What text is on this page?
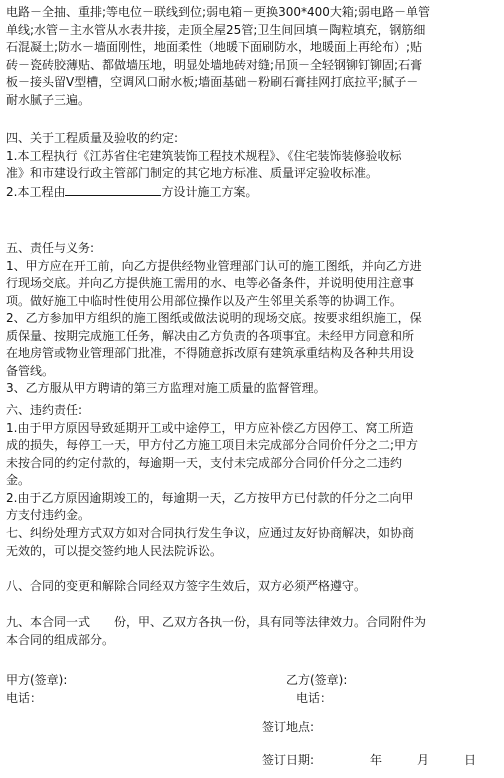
电路－全抽、重排;等电位－联线到位;弱电箱－更换300*400大箱;弱电路－单管
单线;水管－主水管从水表井接，走顶全屋25管;卫生间回填－陶粒填充，钢筋细
石混凝土;防水－墙面刚性，地面柔性（地暖下面刷防水，地暖面上再纶布）;贴
砖－瓷砖胶薄贴、都做墙压地，明显处墙地砖对缝;吊顶－全轻钢铆钉铆固;石膏
板－接头留V型槽，空调风口耐水板;墙面基础－粉刷石膏挂网打底拉平;腻子－
耐水腻子三遍。
四、关于工程质量及验收的约定:
1.本工程执行《江苏省住宅建筑装饰工程技术规程》、《住宅装饰装修验收标
准》和市建设行政主管部门制定的其它地方标准、质量评定验收标准。
2.本工程由	方设计施工方案。
五、责任与义务:
1、甲方应在开工前，向乙方提供经物业管理部门认可的施工图纸，并向乙方进
行现场交底。并向乙方提供施工需用的水、电等必备条件，并说明使用注意事
项。做好施工中临时性使用公用部位操作以及产生邻里关系等的协调工作。
2、乙方参加甲方组织的施工图纸或做法说明的现场交底。按要求组织施工，保
质保量、按期完成施工任务，解决由乙方负责的各项事宜。未经甲方同意和所
在地房管或物业管理部门批准，不得随意拆改原有建筑承重结构及各种共用设
备管线。
3、乙方服从甲方聘请的第三方监理对施工质量的监督管理。
六、违约责任:
1.由于甲方原因导致延期开工或中途停工，甲方应补偿乙方因停工、窝工所造
成的损失，每停工一天，甲方付乙方施工项目未完成部分合同价仟分之二;甲方
未按合同的约定付款的，每逾期一天，支付未完成部分合同价仟分之二违约
金。
2.由于乙方原因逾期竣工的，每逾期一天，乙方按甲方已付款的仟分之二向甲
方支付违约金。
七、纠纷处理方式双方如对合同执行发生争议，应通过友好协商解决，如协商
无效的，可以提交签约地人民法院诉讼。
八、合同的变更和解除合同经双方签字生效后，双方必须严格遵守。
九、本合同一式　　份，甲、乙双方各执一份，具有同等法律效力。合同附件为
本合同的组成部分。
甲方(签章):
电话：
乙方(签章):
电话：
签订地点:
签订日期:	年	月	日
